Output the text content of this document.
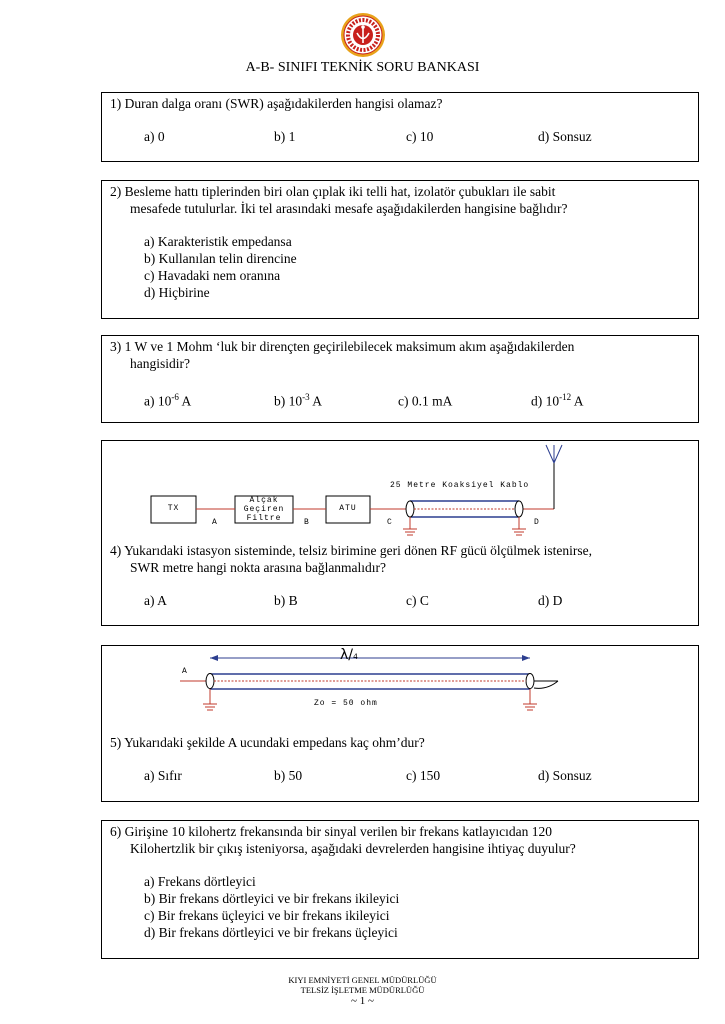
A-B- SINIFI TEKNİK SORU BANKASI
1) Duran dalga oranı (SWR) aşağıdakilerden hangisi olamaz?
a) 0	b) 1	c) 10	d) Sonsuz
2) Besleme hattı tiplerinden biri olan çıplak iki telli hat, izolatör çubukları ile sabit
mesafede tutulurlar. İki tel arasındaki mesafe aşağıdakilerden hangisine bağlıdır?
a) Karakteristik empedansa
b) Kullanılan telin direncine
c) Havadaki nem oranına
d) Hiçbirine
3) 1 W ve 1 Mohm ‘luk bir dirençten geçirilebilecek maksimum akım aşağıdakilerden
hangisidir?
a) $10^{-6}$ A	b) $10^{-3}$ A	c) 0.1 mA	d) $10^{-12}$ A
TX
Alçak
Geçiren
Filtre
ATU
25 Metre Koaksiyel Kablo
A	B	C	D
4) Yukarıdaki istasyon sisteminde, telsiz birimine geri dönen RF gücü ölçülmek istenirse,
SWR metre hangi nokta arasına bağlanmalıdır?
a) A	b) B	c) C	d) D
λ/4
A
Zo = 50 ohm
5) Yukarıdaki şekilde A ucundaki empedans kaç ohm’dur?
a) Sıfır	b) 50	c) 150	d) Sonsuz
6) Girişine 10 kilohertz frekansında bir sinyal verilen bir frekans katlayıcıdan 120
Kilohertzlik bir çıkış isteniyorsa, aşağıdaki devrelerden hangisine ihtiyaç duyulur?
a) Frekans dörtleyici
b) Bir frekans dörtleyici ve bir frekans ikileyici
c) Bir frekans üçleyici ve bir frekans ikileyici
d) Bir frekans dörtleyici ve bir frekans üçleyici
KIYI EMNİYETİ GENEL MÜDÜRLÜĞÜ
TELSİZ İŞLETME MÜDÜRLÜĞÜ
~ 1 ~
